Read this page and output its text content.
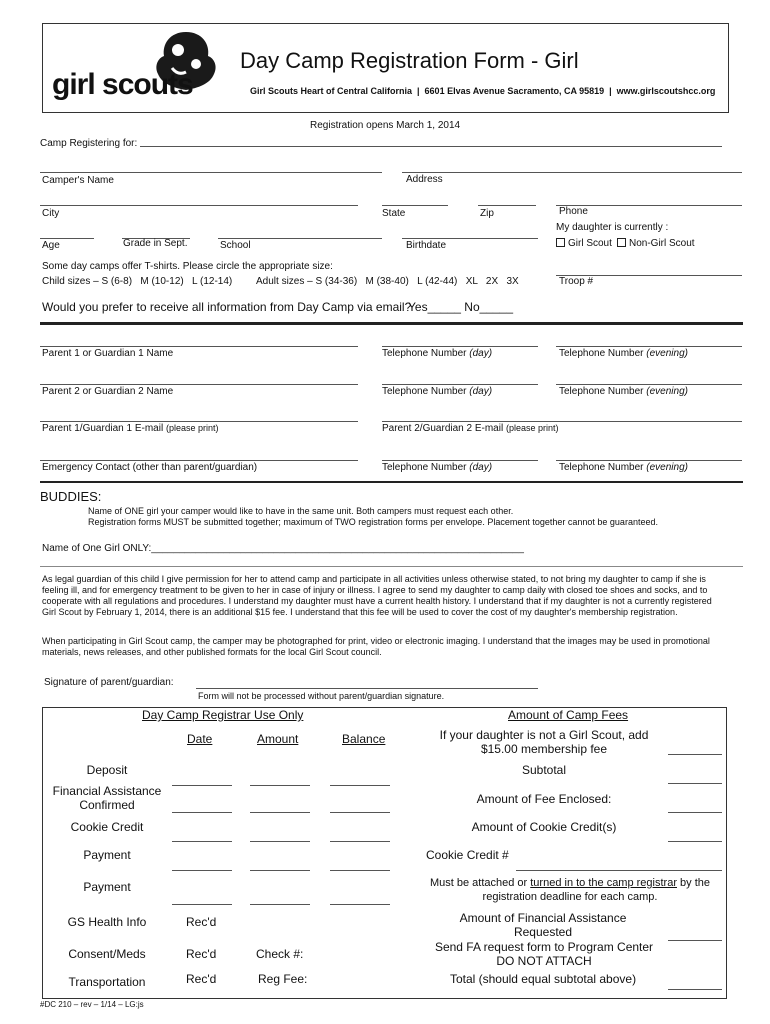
girl scouts
Day Camp Registration Form - Girl
Girl Scouts Heart of Central California  |  6601 Elvas Avenue Sacramento, CA 95819  |  www.girlscoutshcc.org
Registration opens March 1, 2014
Camp Registering for:
Camper's Name	Address
City	State	Zip	Phone
My daughter is currently :
Age	Grade in Sept.	School	Birthdate	Girl Scout	Non-Girl Scout
Some day camps offer T-shirts. Please circle the appropriate size:
Child sizes – S (6-8)   M (10-12)   L (12-14) Adult sizes – S (34-36)   M (38-40)   L (42-44)   XL   2X   3X	Troop #
Would you prefer to receive all information from Day Camp via email?
Yes_____ No_____
Parent 1 or Guardian 1 Name	Telephone Number (day)	Telephone Number (evening)
Parent 2 or Guardian 2 Name	Telephone Number (day)	Telephone Number (evening)
Parent 1/Guardian 1 E-mail (please print)	Parent 2/Guardian 2 E-mail (please print)
Emergency Contact (other than parent/guardian)	Telephone Number (day)	Telephone Number (evening)
BUDDIES:
Name of ONE girl your camper would like to have in the same unit. Both campers must request each other.
Registration forms MUST be submitted together; maximum of TWO registration forms per envelope. Placement together cannot be guaranteed.
Name of One Girl ONLY:___________________________________________________________________
As legal guardian of this child I give permission for her to attend camp and participate in all activities unless otherwise stated, to not bring my daughter to camp if she is feeling ill, and for emergency treatment to be given to her in case of injury or illness. I agree to send my daughter to camp daily with closed toe shoes and socks, and to cooperate with all regulations and procedures. I understand my daughter must have a current health history. I understand that if my daughter is not a currently registered Girl Scout by February 1, 2014, there is an additional $15 fee. I understand that this fee will be used to cover the cost of my daughter's membership registration.
When participating in Girl Scout camp, the camper may be photographed for print, video or electronic imaging. I understand that the images may be used in promotional materials, news releases, and other published formats for the local Girl Scout council.
Signature of parent/guardian:
Form will not be processed without parent/guardian signature.
Day Camp Registrar Use Only
Date	Amount	Balance
Deposit
Financial Assistance Confirmed
Cookie Credit
Payment
Payment
GS Health Info	Rec'd
Consent/Meds	Rec'd	Check #:
Transportation	Rec'd	Reg Fee:
Amount of Camp Fees
If your daughter is not a Girl Scout, add $15.00 membership fee
Subtotal
Amount of Fee Enclosed:
Amount of Cookie Credit(s)
Cookie Credit #
Must be attached or turned in to the camp registrar by the registration deadline for each camp.
Amount of Financial Assistance Requested
Send FA request form to Program Center
DO NOT ATTACH
Total (should equal subtotal above)
#DC 210 – rev – 1/14 – LG:js
